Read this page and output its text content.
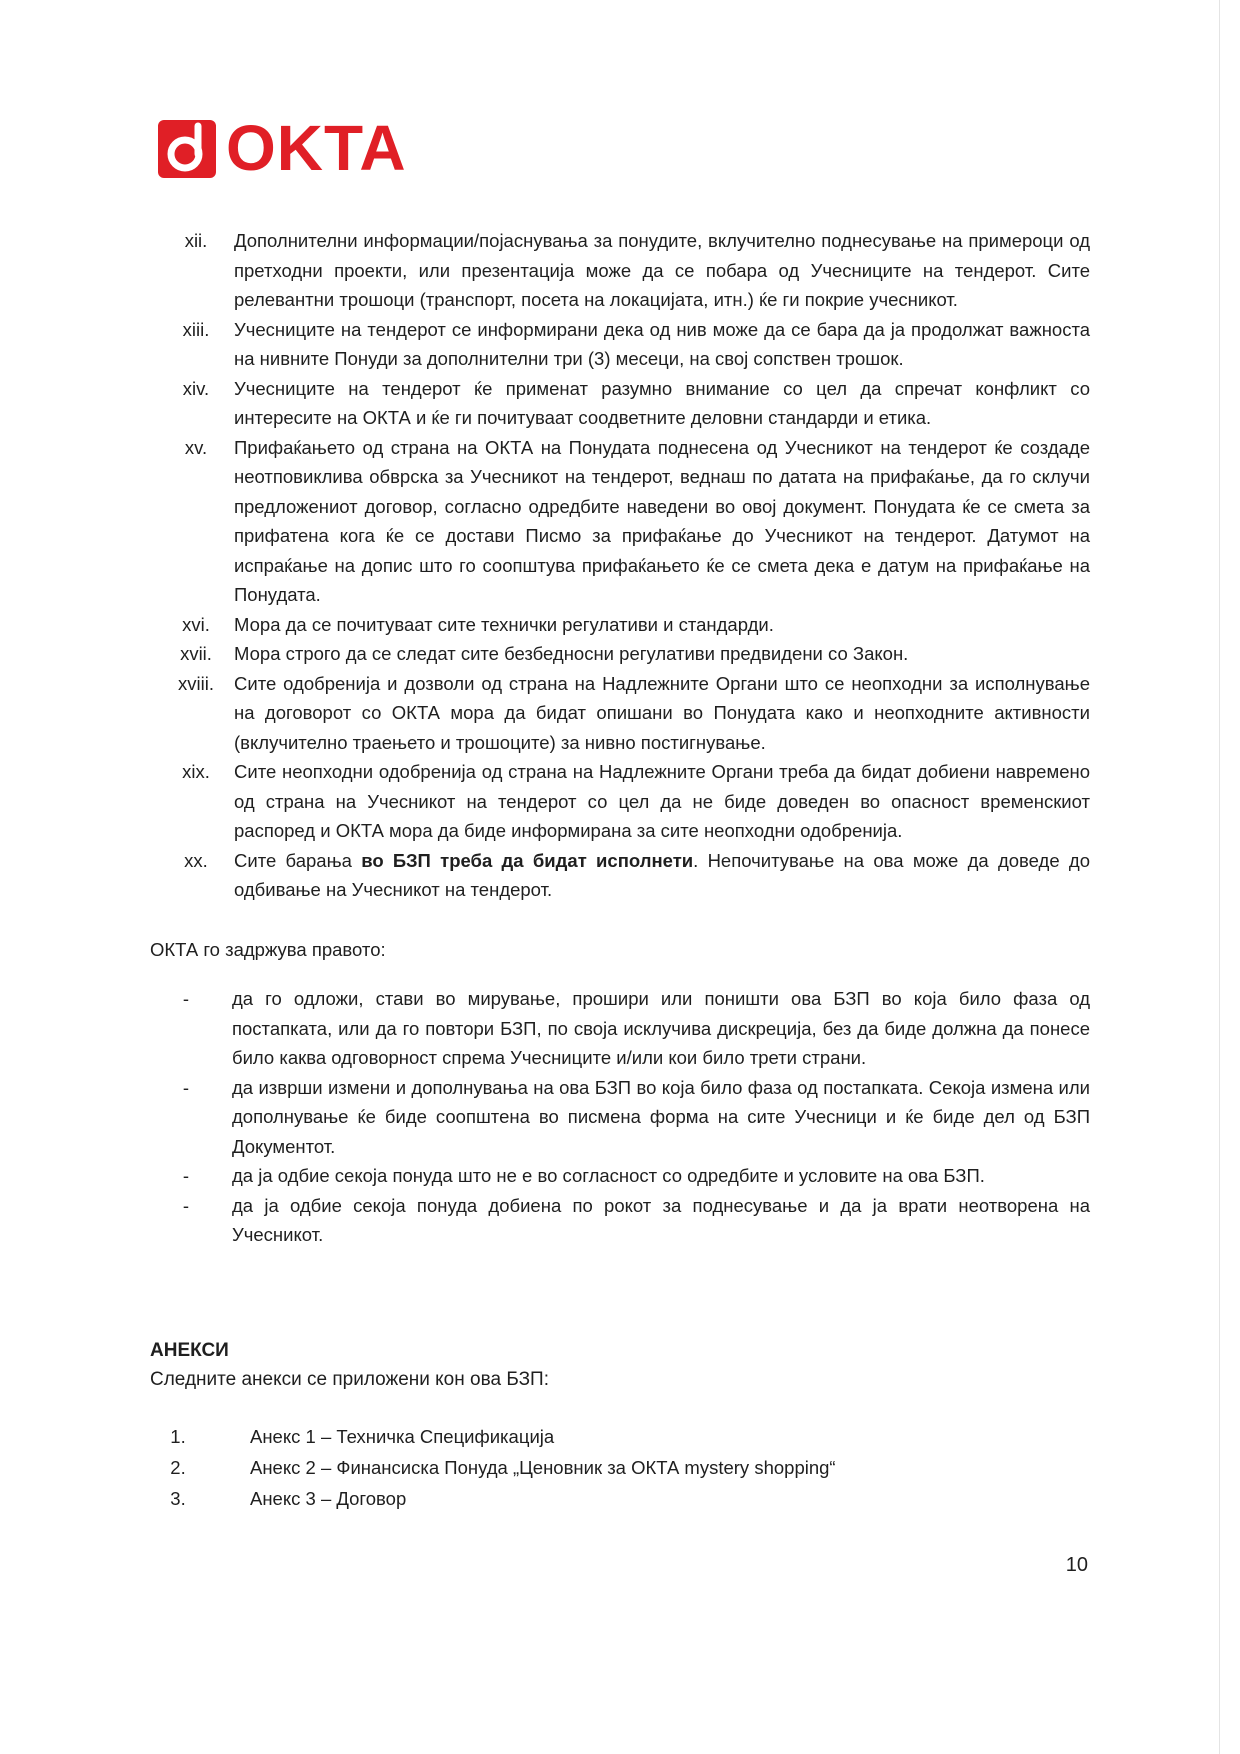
OKTA
xii.	Дополнителни информации/појаснувања за понудите, вклучително поднесување на примероци од претходни проекти, или презентација може да се побара од Учесниците на тендерот. Сите релевантни трошоци (транспорт, посета на локацијата, итн.) ќе ги покрие учесникот.
xiii.	Учесниците на тендерот се информирани дека од нив може да се бара да ја продолжат важноста на нивните Понуди за дополнителни три (3) месеци, на свој сопствен трошок.
xiv.	Учесниците на тендерот ќе применат разумно внимание со цел да спречат конфликт со интересите на ОКТА и ќе ги почитуваат соодветните деловни стандарди и етика.
xv.	Прифаќањето од страна на ОКТА на Понудата поднесена од Учесникот на тендерот ќе создаде неотповиклива обврска за Учесникот на тендерот, веднаш по датата на прифаќање, да го склучи предложениот договор, согласно одредбите наведени во овој документ. Понудата ќе се смета за прифатена кога ќе се достави Писмо за прифаќање до Учесникот на тендерот. Датумот на испраќање на допис што го соопштува прифаќањето ќе се смета дека е датум на прифаќање на Понудата.
xvi.	Мора да се почитуваат сите технички регулативи и стандарди.
xvii.	Мора строго да се следат сите безбедносни регулативи предвидени со Закон.
xviii.	Сите одобренија и дозволи од страна на Надлежните Органи што се неопходни за исполнување на договорот со ОКТА мора да бидат опишани во Понудата како и неопходните активности (вклучително траењето и трошоците) за нивно постигнување.
xix.	Сите неопходни одобренија од страна на Надлежните Органи треба да бидат добиени навремено од страна на Учесникот на тендерот со цел да не биде доведен во опасност временскиот распоред и ОКТА мора да биде информирана за сите неопходни одобренија.
xx.	Сите барања во БЗП треба да бидат исполнети. Непочитување на ова може да доведе до одбивање на Учесникот на тендерот.
ОКТА го задржува правото:
-	да го одложи, стави во мирување, прошири или поништи ова БЗП во која било фаза од постапката, или да го повтори БЗП, по своја исклучива дискреција, без да биде должна да понесе било каква одговорност спрема Учесниците и/или кои било трети страни.
-	да изврши измени и дополнувања на ова БЗП во која било фаза од постапката. Секоја измена или дополнување ќе биде соопштена во писмена форма на сите Учесници и ќе биде дел од БЗП Документот.
-	да ја одбие секоја понуда што не е во согласност со одредбите и условите на ова БЗП.
-	да ја одбие секоја понуда добиена по рокот за поднесување и да ја врати неотворена на Учесникот.
АНЕКСИ
Следните анекси се приложени кон ова БЗП:
1.	Анекс 1 – Техничка Спецификација
2.	Анекс 2 – Финансиска Понуда „Ценовник за ОКТА mystery shopping“
3.	Анекс 3 – Договор
10
